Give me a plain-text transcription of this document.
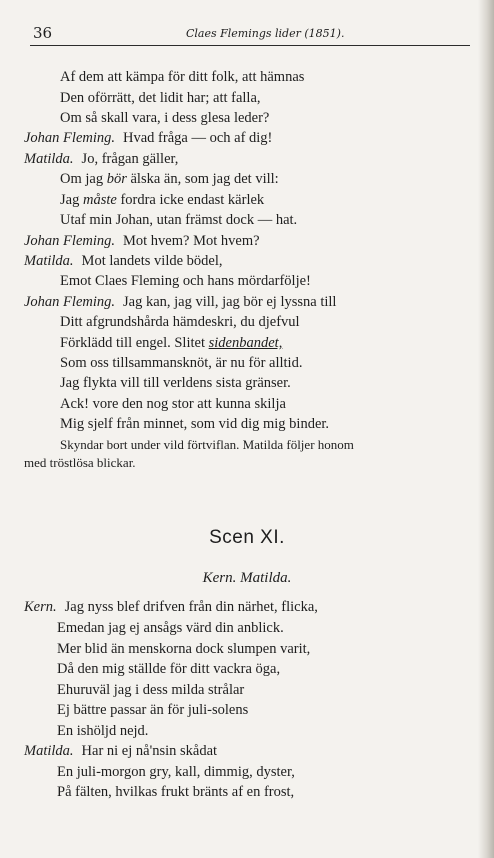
36	Claes Flemings lider (1851).
Af dem att kämpa för ditt folk, att hämnas
Den oförrätt, det lidit har; att falla,
Om så skall vara, i dess glesa leder?
Johan Fleming. Hvad fråga — och af dig!
Matilda. Jo, frågan gäller,
Om jag bör älska än, som jag det vill:
Jag måste fordra icke endast kärlek
Utaf min Johan, utan främst dock — hat.
Johan Fleming. Mot hvem? Mot hvem?
Matilda. Mot landets vilde bödel,
Emot Claes Fleming och hans mördarfölje!
Johan Fleming. Jag kan, jag vill, jag bör ej lyssna till
Ditt afgrundshårda hämdeskri, du djefvul
Förklädd till engel. Slitet sidenbandet,
Som oss tillsammansknöt, är nu för alltid.
Jag flykta vill till verldens sista gränser.
Ack! vore den nog stor att kunna skilja
Mig sjelf från minnet, som vid dig mig binder.
Skyndar bort under vild förtviflan. Matilda följer honom
med tröstlösa blickar.
Scen XI.
Kern. Matilda.
Kern. Jag nyss blef drifven från din närhet, flicka,
Emedan jag ej ansågs värd din anblick.
Mer blid än menskorna dock slumpen varit,
Då den mig ställde för ditt vackra öga,
Ehuruväl jag i dess milda strålar
Ej bättre passar än för juli-solens
En ishöljd nejd.
Matilda. Har ni ej nå'nsin skådat
En juli-morgon gry, kall, dimmig, dyster,
På fälten, hvilkas frukt bränts af en frost,
